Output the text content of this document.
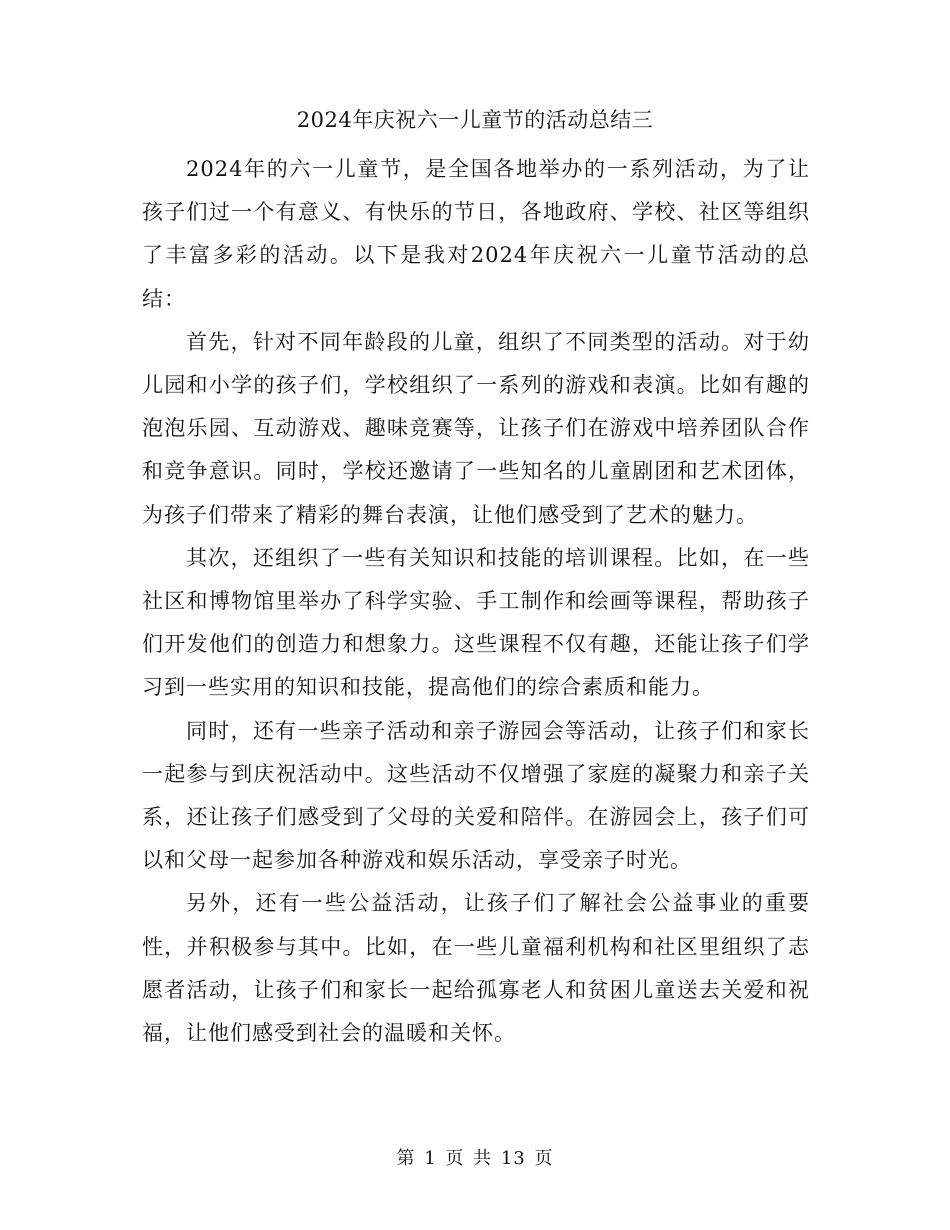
2024年庆祝六一儿童节的活动总结三

2024年的六一儿童节，是全国各地举办的一系列活动，为了让孩子们过一个有意义、有快乐的节日，各地政府、学校、社区等组织了丰富多彩的活动。以下是我对2024年庆祝六一儿童节活动的总结：

首先，针对不同年龄段的儿童，组织了不同类型的活动。对于幼儿园和小学的孩子们，学校组织了一系列的游戏和表演。比如有趣的泡泡乐园、互动游戏、趣味竞赛等，让孩子们在游戏中培养团队合作和竞争意识。同时，学校还邀请了一些知名的儿童剧团和艺术团体，为孩子们带来了精彩的舞台表演，让他们感受到了艺术的魅力。

其次，还组织了一些有关知识和技能的培训课程。比如，在一些社区和博物馆里举办了科学实验、手工制作和绘画等课程，帮助孩子们开发他们的创造力和想象力。这些课程不仅有趣，还能让孩子们学习到一些实用的知识和技能，提高他们的综合素质和能力。

同时，还有一些亲子活动和亲子游园会等活动，让孩子们和家长一起参与到庆祝活动中。这些活动不仅增强了家庭的凝聚力和亲子关系，还让孩子们感受到了父母的关爱和陪伴。在游园会上，孩子们可以和父母一起参加各种游戏和娱乐活动，享受亲子时光。

另外，还有一些公益活动，让孩子们了解社会公益事业的重要性，并积极参与其中。比如，在一些儿童福利机构和社区里组织了志愿者活动，让孩子们和家长一起给孤寡老人和贫困儿童送去关爱和祝福，让他们感受到社会的温暖和关怀。

第 1 页 共 13 页
